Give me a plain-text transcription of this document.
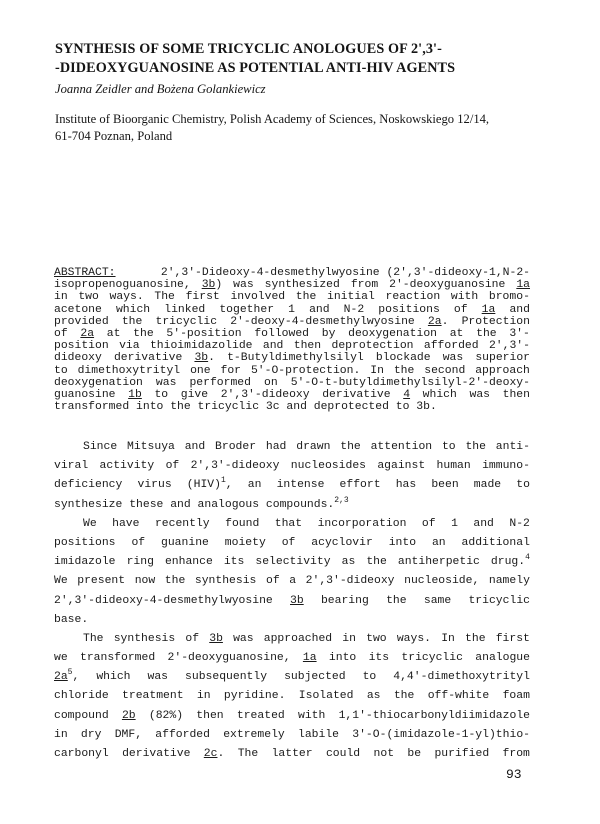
SYNTHESIS OF SOME TRICYCLIC ANOLOGUES OF 2',3'-
-DIDEOXYGUANOSINE AS POTENTIAL ANTI-HIV AGENTS
Joanna Zeidler and Bożena Golankiewicz
Institute of Bioorganic Chemistry, Polish Academy of Sciences, Noskowskiego 12/14,
61-704 Poznan, Poland
ABSTRACT:	2',3'-Dideoxy-4-desmethylwyosine (2',3'-dideoxy-1,N-2-
isopropenoguanosine, 3b) was synthesized from 2'-deoxyguanosine 1a
in two ways. The first involved the initial reaction with bromo-
acetone which linked together 1 and N-2 positions of 1a and
provided the tricyclic 2'-deoxy-4-desmethylwyosine 2a. Protection
of 2a at the 5'-position followed by deoxygenation at the 3'-
position via thioimidazolide and then deprotection afforded 2',3'-
dideoxy derivative 3b. t-Butyldimethylsilyl blockade was superior
to dimethoxytrityl one for 5'-O-protection. In the second approach
deoxygenation was performed on 5'-O-t-butyldimethylsilyl-2'-deoxy-
guanosine 1b to give 2',3'-dideoxy derivative 4 which was then
transformed into the tricyclic 3c and deprotected to 3b.
Since Mitsuya and Broder had drawn the attention to the anti-
viral activity of 2',3'-dideoxy nucleosides against human immuno-
deficiency virus (HIV)$^1$, an intense effort has been made to
synthesize these and analogous compounds.$^{2,3}$
We have recently found that incorporation of 1 and N-2
positions of guanine moiety of acyclovir into an additional
imidazole ring enhance its selectivity as the antiherpetic drug.$^4$
We present now the synthesis of a 2',3'-dideoxy nucleoside, namely
2',3'-dideoxy-4-desmethylwyosine 3b bearing the same tricyclic
base.
The synthesis of 3b was approached in two ways. In the first
we transformed 2'-deoxyguanosine, 1a into its tricyclic analogue
$2a^5$, which was subsequently subjected to 4,4'-dimethoxytrityl
chloride treatment in pyridine. Isolated as the off-white foam
compound 2b (82%) then treated with 1,1'-thiocarbonyldiimidazole
in dry DMF, afforded extremely labile 3'-O-(imidazole-1-yl)thio-
carbonyl derivative 2c. The latter could not be purified from
93
